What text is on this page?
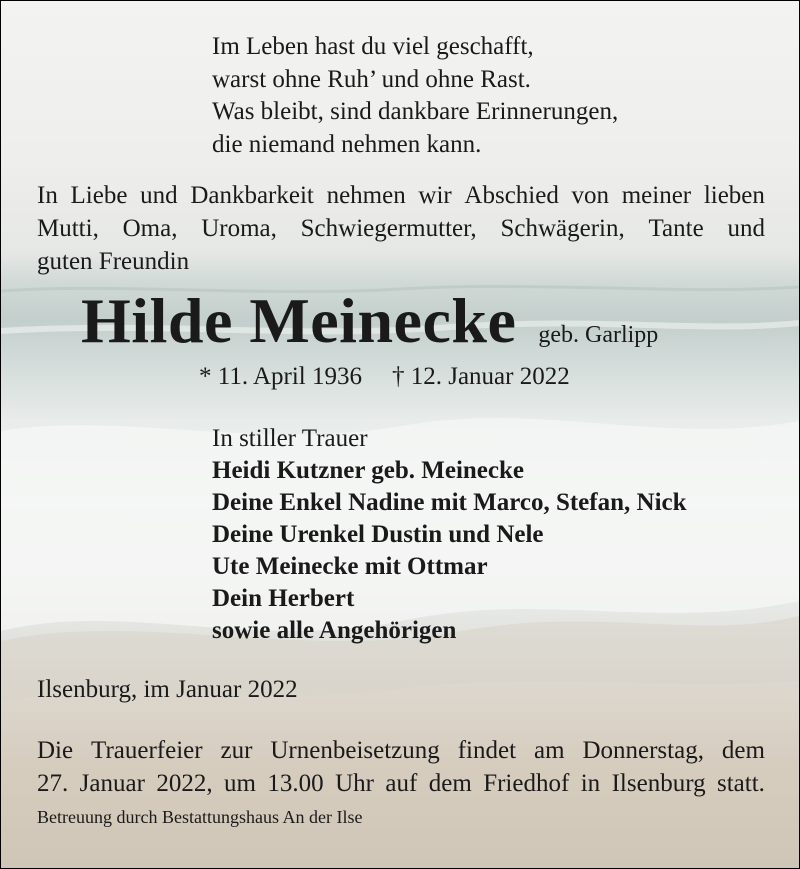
Im Leben hast du viel geschafft,
warst ohne Ruh’ und ohne Rast.
Was bleibt, sind dankbare Erinnerungen,
die niemand nehmen kann.
In Liebe und Dankbarkeit nehmen wir Abschied von meiner lieben
Mutti, Oma, Uroma, Schwiegermutter, Schwägerin, Tante und
guten Freundin
Hilde Meinecke geb. Garlipp
* 11. April 1936 † 12. Januar 2022
In stiller Trauer
Heidi Kutzner geb. Meinecke
Deine Enkel Nadine mit Marco, Stefan, Nick
Deine Urenkel Dustin und Nele
Ute Meinecke mit Ottmar
Dein Herbert
sowie alle Angehörigen
Ilsenburg, im Januar 2022
Die Trauerfeier zur Urnenbeisetzung findet am Donnerstag, dem
27. Januar 2022, um 13.00 Uhr auf dem Friedhof in Ilsenburg statt.
Betreuung durch Bestattungshaus An der Ilse
